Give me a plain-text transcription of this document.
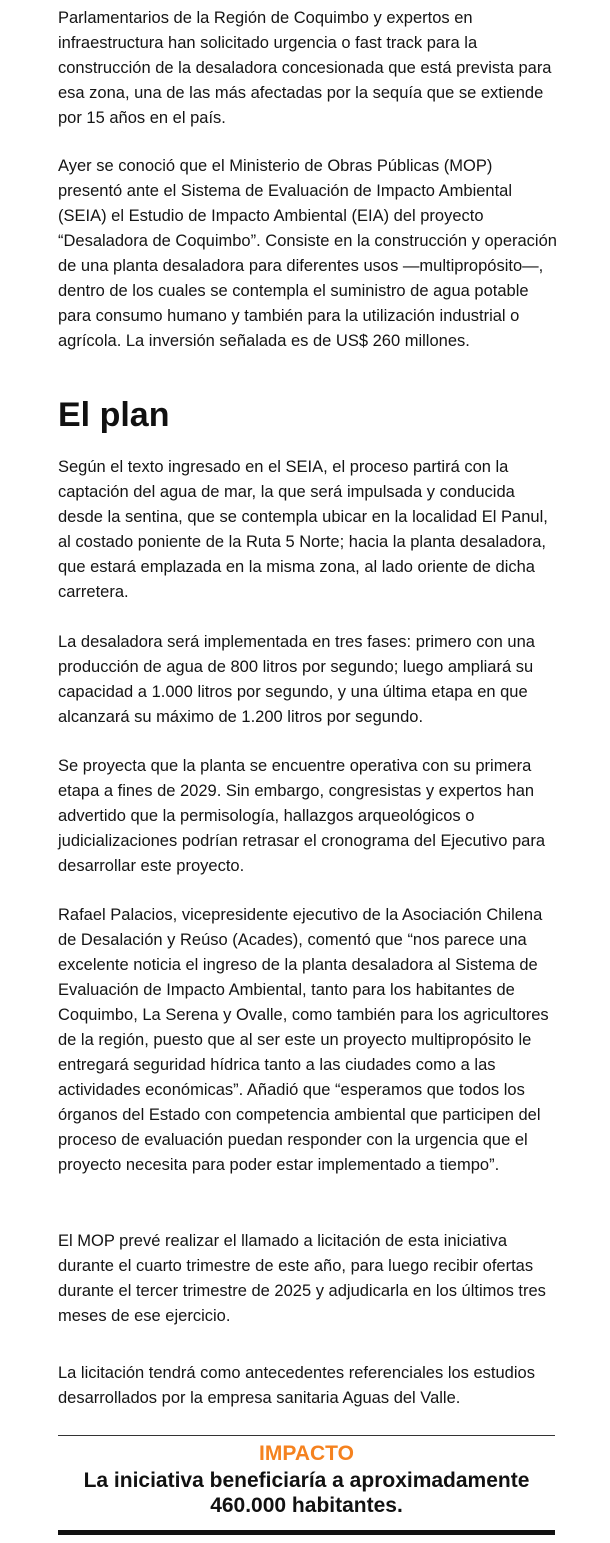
Parlamentarios de la Región de Coquimbo y expertos en infraestructura han solicitado urgencia o fast track para la construcción de la desaladora concesionada que está prevista para esa zona, una de las más afectadas por la sequía que se extiende por 15 años en el país.

Ayer se conoció que el Ministerio de Obras Públicas (MOP) presentó ante el Sistema de Evaluación de Impacto Ambiental (SEIA) el Estudio de Impacto Ambiental (EIA) del proyecto “Desaladora de Coquimbo”. Consiste en la construcción y operación de una planta desaladora para diferentes usos —multipropósito—, dentro de los cuales se contempla el suministro de agua potable para consumo humano y también para la utilización industrial o agrícola. La inversión señalada es de US$ 260 millones.

El plan

Según el texto ingresado en el SEIA, el proceso partirá con la captación del agua de mar, la que será impulsada y conducida desde la sentina, que se contempla ubicar en la localidad El Panul, al costado poniente de la Ruta 5 Norte; hacia la planta desaladora, que estará emplazada en la misma zona, al lado oriente de dicha carretera.

La desaladora será implementada en tres fases: primero con una producción de agua de 800 litros por segundo; luego ampliará su capacidad a 1.000 litros por segundo, y una última etapa en que alcanzará su máximo de 1.200 litros por segundo.

Se proyecta que la planta se encuentre operativa con su primera etapa a fines de 2029. Sin embargo, congresistas y expertos han advertido que la permisología, hallazgos arqueológicos o judicializaciones podrían retrasar el cronograma del Ejecutivo para desarrollar este proyecto.

Rafael Palacios, vicepresidente ejecutivo de la Asociación Chilena de Desalación y Reúso (Acades), comentó que “nos parece una excelente noticia el ingreso de la planta desaladora al Sistema de Evaluación de Impacto Ambiental, tanto para los habitantes de Coquimbo, La Serena y Ovalle, como también para los agricultores de la región, puesto que al ser este un proyecto multipropósito le entregará seguridad hídrica tanto a las ciudades como a las actividades económicas”. Añadió que “esperamos que todos los órganos del Estado con competencia ambiental que participen del proceso de evaluación puedan responder con la urgencia que el proyecto necesita para poder estar implementado a tiempo”.

El MOP prevé realizar el llamado a licitación de esta iniciativa durante el cuarto trimestre de este año, para luego recibir ofertas durante el tercer trimestre de 2025 y adjudicarla en los últimos tres meses de ese ejercicio.

La licitación tendrá como antecedentes referenciales los estudios desarrollados por la empresa sanitaria Aguas del Valle.

IMPACTO
La iniciativa beneficiaría a aproximadamente 460.000 habitantes.
